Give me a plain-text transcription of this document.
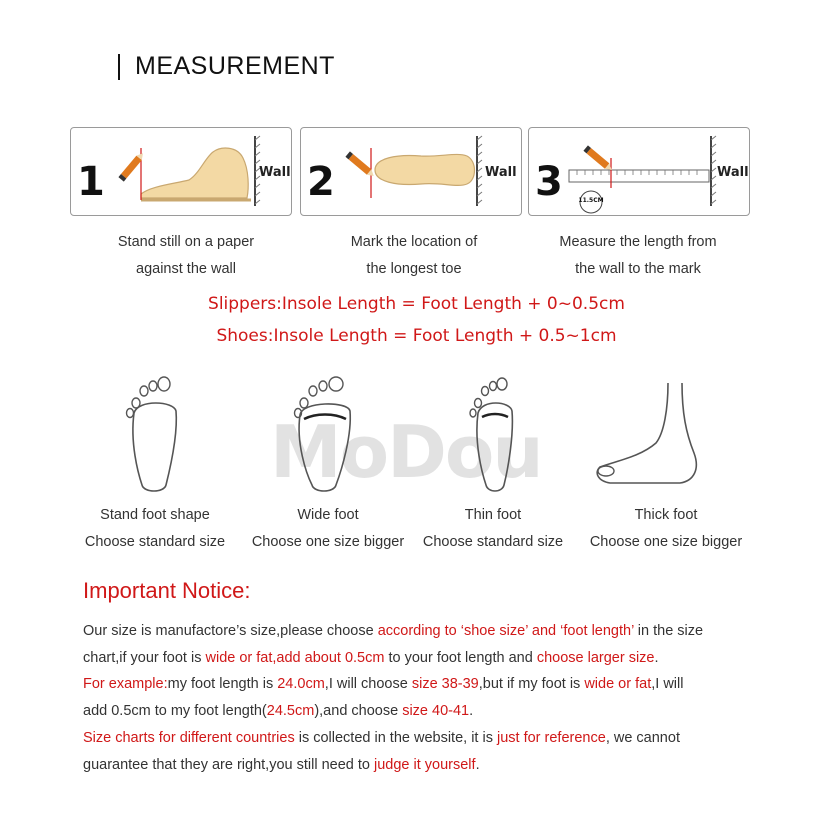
MEASUREMENT
1	Wall 2	Wall 3	11.5CM
Wall
Stand still on a paper
against the wall
Mark the location of
the longest toe
Measure the length from
the wall to the mark
Slippers:Insole Length = Foot Length + 0~0.5cm
Shoes:Insole Length = Foot Length + 0.5~1cm
MoDou
Stand foot shape
Choose standard size
Wide foot
Choose one size bigger
Thin foot
Choose standard size
Thick foot
Choose one size bigger
Important Notice:
Our size is manufactore’s size,please choose according to ‘shoe size’ and ‘foot length’ in the size
chart,if your foot is wide or fat,add about 0.5cm to your foot length and choose larger size.
For example:my foot length is 24.0cm,I will choose size 38-39,but if my foot is wide or fat,I will
add 0.5cm to my foot length(24.5cm),and choose size 40-41.
Size charts for different countries is collected in the website, it is just for reference, we cannot
guarantee that they are right,you still need to judge it yourself.
